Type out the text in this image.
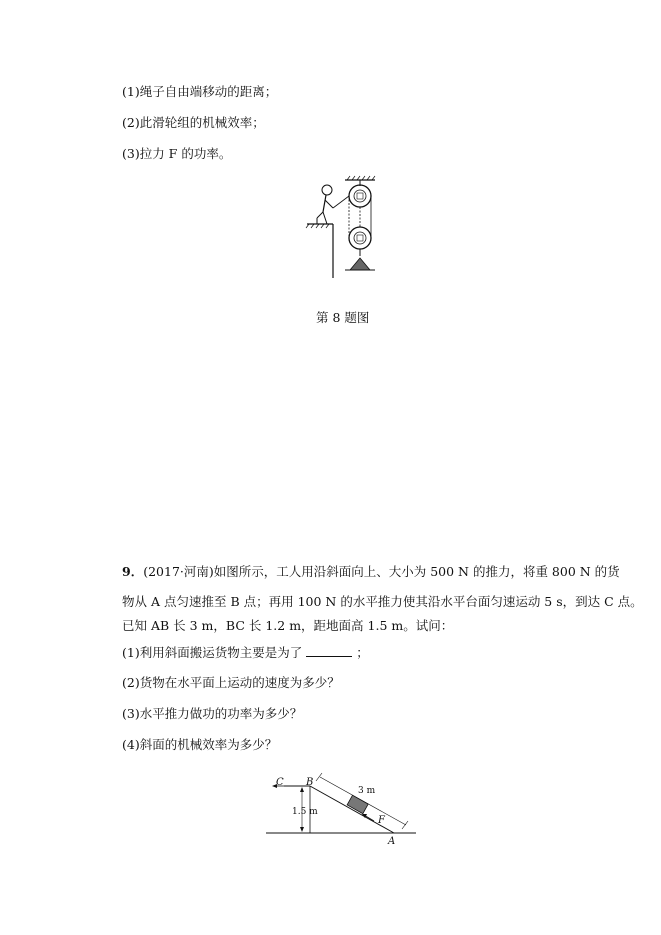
(1)绳子自由端移动的距离；
(2)此滑轮组的机械效率；
(3)拉力 F 的功率。
第 8 题图
9．(2017·河南)如图所示，工人用沿斜面向上、大小为 500 N 的推力，将重 800 N 的货
物从 A 点匀速推至 B 点；再用 100 N 的水平推力使其沿水平台面匀速运动 5 s，到达 C 点。
已知 AB 长 3 m，BC 长 1.2 m，距地面高 1.5 m。试问：
(1)利用斜面搬运货物主要是为了	；
(2)货物在水平面上运动的速度为多少？
(3)水平推力做功的功率为多少？
(4)斜面的机械效率为多少？
C B
1.5 m
3 m
F
A
